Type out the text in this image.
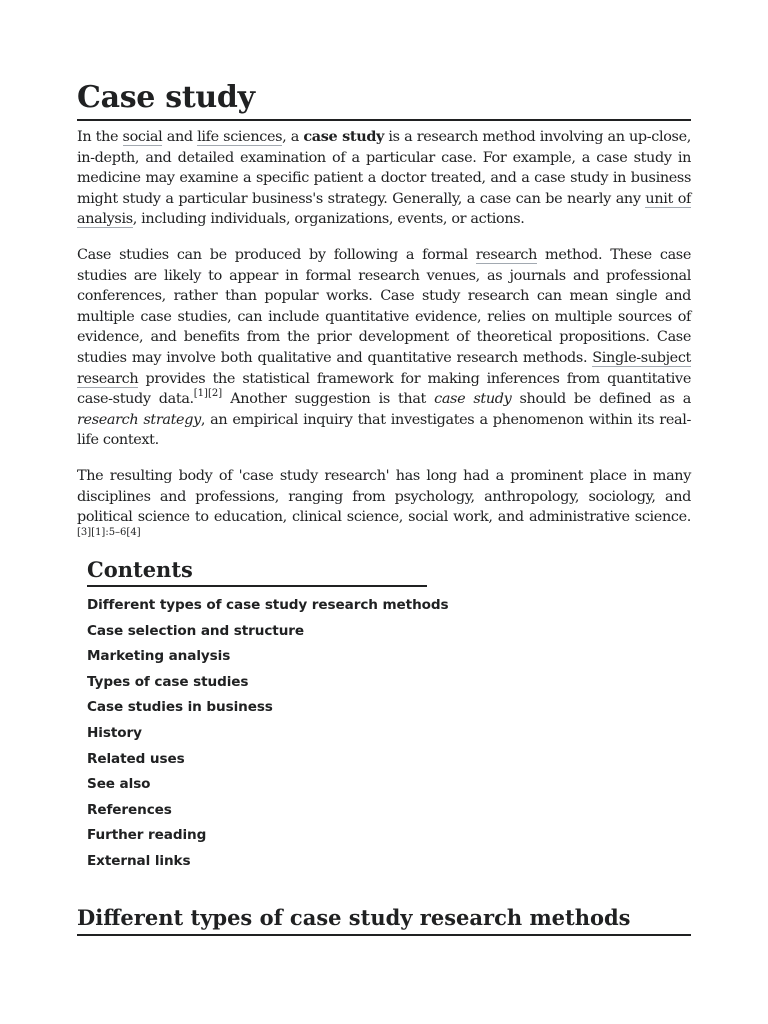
Case study

In the social and life sciences, a case study is a research method involving an up-close, in-depth, and detailed examination of a particular case. For example, a case study in medicine may examine a specific patient a doctor treated, and a case study in business might study a particular business's strategy. Generally, a case can be nearly any unit of analysis, including individuals, organizations, events, or actions.

Case studies can be produced by following a formal research method. These case studies are likely to appear in formal research venues, as journals and professional conferences, rather than popular works. Case study research can mean single and multiple case studies, can include quantitative evidence, relies on multiple sources of evidence, and benefits from the prior development of theoretical propositions. Case studies may involve both qualitative and quantitative research methods. Single-subject research provides the statistical framework for making inferences from quantitative case-study data.[1][2] Another suggestion is that case study should be defined as a research strategy, an empirical inquiry that investigates a phenomenon within its real-life context.

The resulting body of 'case study research' has long had a prominent place in many disciplines and professions, ranging from psychology, anthropology, sociology, and political science to education, clinical science, social work, and administrative science.[3][1]:5–6[4]

Contents
Different types of case study research methods
Case selection and structure
Marketing analysis
Types of case studies
Case studies in business
History
Related uses
See also
References
Further reading
External links
Different types of case study research methods
